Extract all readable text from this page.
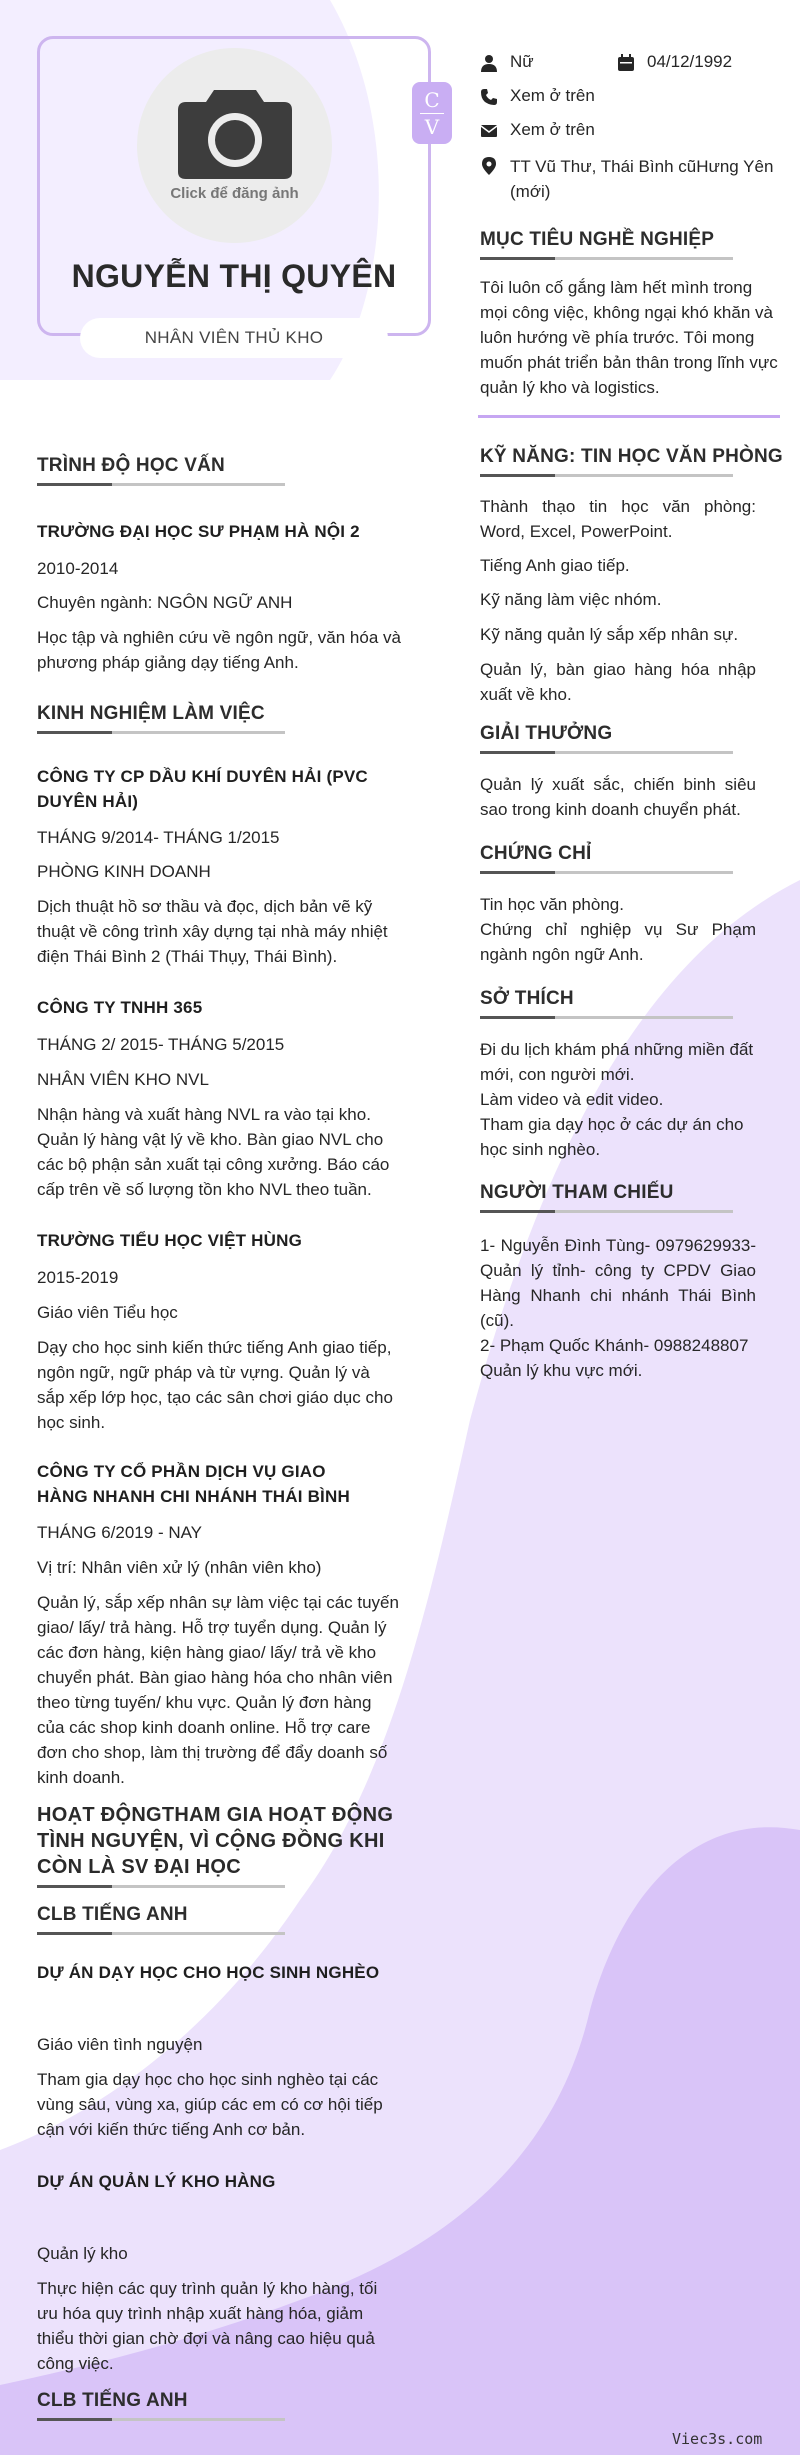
Click để đăng ảnh
NGUYỄN THỊ QUYÊN
NHÂN VIÊN THỦ KHO
C
V
Nữ	04/12/1992
Xem ở trên
Xem ở trên
TT Vũ Thư, Thái Bình cũHưng Yên (mới)
MỤC TIÊU NGHỀ NGHIỆP
Tôi luôn cố gắng làm hết mình trong mọi công việc, không ngại khó khăn và luôn hướng về phía trước. Tôi mong muốn phát triển bản thân trong lĩnh vực quản lý kho và logistics.
KỸ NĂNG: TIN HỌC VĂN PHÒNG
Thành thạo tin học văn phòng: Word, Excel, PowerPoint.
Tiếng Anh giao tiếp.
Kỹ năng làm việc nhóm.
Kỹ năng quản lý sắp xếp nhân sự.
Quản lý, bàn giao hàng hóa nhập xuất về kho.
GIẢI THƯỞNG
Quản lý xuất sắc, chiến binh siêu sao trong kinh doanh chuyển phát.
CHỨNG CHỈ
Tin học văn phòng.
Chứng chỉ nghiệp vụ Sư Phạm ngành ngôn ngữ Anh.
SỞ THÍCH
Đi du lịch khám phá những miền đất mới, con người mới.
Làm video và edit video.
Tham gia dạy học ở các dự án cho học sinh nghèo.
NGƯỜI THAM CHIẾU
1- Nguyễn Đình Tùng- 0979629933- Quản lý tỉnh- công ty CPDV Giao Hàng Nhanh chi nhánh Thái Bình (cũ).
2- Phạm Quốc Khánh- 0988248807 Quản lý khu vực mới.
TRÌNH ĐỘ HỌC VẤN
TRƯỜNG ĐẠI HỌC SƯ PHẠM HÀ NỘI 2
2010-2014
Chuyên ngành: NGÔN NGỮ ANH
Học tập và nghiên cứu về ngôn ngữ, văn hóa và phương pháp giảng dạy tiếng Anh.
KINH NGHIỆM LÀM VIỆC
CÔNG TY CP DẦU KHÍ DUYÊN HẢI (PVC DUYÊN HẢI)
THÁNG 9/2014- THÁNG 1/2015
PHÒNG KINH DOANH
Dịch thuật hồ sơ thầu và đọc, dịch bản vẽ kỹ thuật về công trình xây dựng tại nhà máy nhiệt điện Thái Bình 2 (Thái Thụy, Thái Bình).
CÔNG TY TNHH 365
THÁNG 2/ 2015- THÁNG 5/2015
NHÂN VIÊN KHO NVL
Nhận hàng và xuất hàng NVL ra vào tại kho. Quản lý hàng vật lý về kho. Bàn giao NVL cho các bộ phận sản xuất tại công xưởng. Báo cáo cấp trên về số lượng tồn kho NVL theo tuần.
TRƯỜNG TIỂU HỌC VIỆT HÙNG
2015-2019
Giáo viên Tiểu học
Dạy cho học sinh kiến thức tiếng Anh giao tiếp, ngôn ngữ, ngữ pháp và từ vựng. Quản lý và sắp xếp lớp học, tạo các sân chơi giáo dục cho học sinh.
CÔNG TY CỔ PHẦN DỊCH VỤ GIAO HÀNG NHANH CHI NHÁNH THÁI BÌNH
THÁNG 6/2019 - NAY
Vị trí: Nhân viên xử lý (nhân viên kho)
Quản lý, sắp xếp nhân sự làm việc tại các tuyến giao/ lấy/ trả hàng. Hỗ trợ tuyển dụng. Quản lý các đơn hàng, kiện hàng giao/ lấy/ trả về kho chuyển phát. Bàn giao hàng hóa cho nhân viên theo từng tuyến/ khu vực. Quản lý đơn hàng của các shop kinh doanh online. Hỗ trợ care đơn cho shop, làm thị trường để đẩy doanh số kinh doanh.
HOẠT ĐỘNGTHAM GIA HOẠT ĐỘNG TÌNH NGUYỆN, VÌ CỘNG ĐỒNG KHI CÒN LÀ SV ĐẠI HỌC
CLB TIẾNG ANH
DỰ ÁN DẠY HỌC CHO HỌC SINH NGHÈO
Giáo viên tình nguyện
Tham gia dạy học cho học sinh nghèo tại các vùng sâu, vùng xa, giúp các em có cơ hội tiếp cận với kiến thức tiếng Anh cơ bản.
DỰ ÁN QUẢN LÝ KHO HÀNG
Quản lý kho
Thực hiện các quy trình quản lý kho hàng, tối ưu hóa quy trình nhập xuất hàng hóa, giảm thiểu thời gian chờ đợi và nâng cao hiệu quả công việc.
CLB TIẾNG ANH
Viec3s.com
